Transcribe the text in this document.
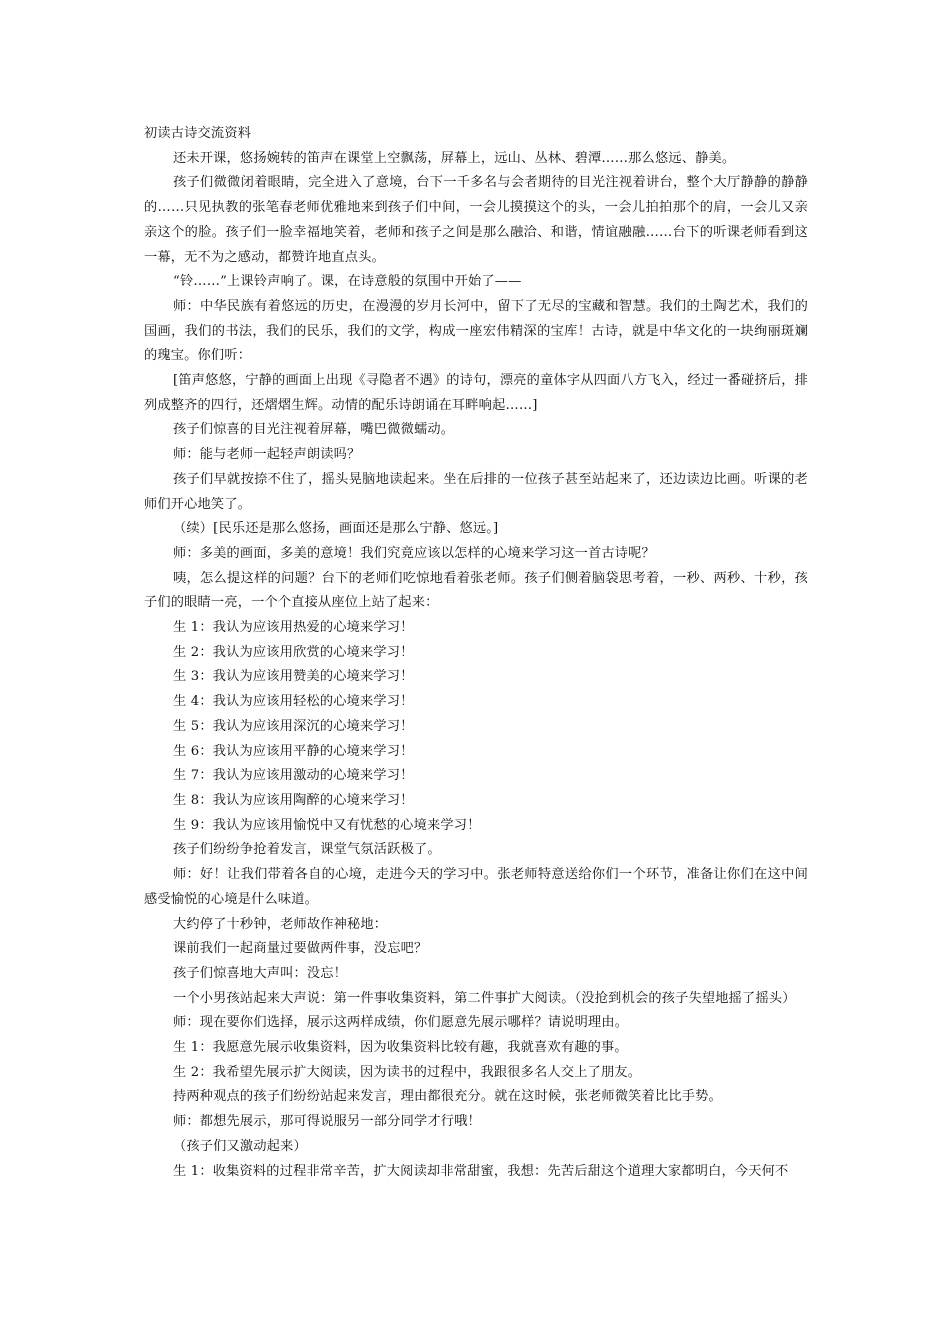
初读古诗交流资料

还未开课，悠扬婉转的笛声在课堂上空飘荡，屏幕上，远山、丛林、碧潭……那么悠远、静美。

孩子们微微闭着眼睛，完全进入了意境，台下一千多名与会者期待的目光注视着讲台，整个大厅静静的静静的……只见执教的张笔春老师优雅地来到孩子们中间，一会儿摸摸这个的头，一会儿拍拍那个的肩，一会儿又亲亲这个的脸。孩子们一脸幸福地笑着，老师和孩子之间是那么融洽、和谐，情谊融融……台下的听课老师看到这一幕，无不为之感动，都赞许地直点头。

“铃……”上课铃声响了。课，在诗意般的氛围中开始了——

师：中华民族有着悠远的历史，在漫漫的岁月长河中，留下了无尽的宝藏和智慧。我们的土陶艺术，我们的国画，我们的书法，我们的民乐，我们的文学，构成一座宏伟精深的宝库！古诗，就是中华文化的一块绚丽斑斓的瑰宝。你们听：

[笛声悠悠，宁静的画面上出现《寻隐者不遇》的诗句，漂亮的童体字从四面八方飞入，经过一番碰挤后，排列成整齐的四行，还熠熠生辉。动情的配乐诗朗诵在耳畔响起……]

孩子们惊喜的目光注视着屏幕，嘴巴微微蠕动。

师：能与老师一起轻声朗读吗？

孩子们早就按捺不住了，摇头晃脑地读起来。坐在后排的一位孩子甚至站起来了，还边读边比画。听课的老师们开心地笑了。

（续）[民乐还是那么悠扬，画面还是那么宁静、悠远。]

师：多美的画面，多美的意境！我们究竟应该以怎样的心境来学习这一首古诗呢？

咦，怎么提这样的问题？台下的老师们吃惊地看着张老师。孩子们侧着脑袋思考着，一秒、两秒、十秒，孩子们的眼睛一亮，一个个直接从座位上站了起来：

生 1：我认为应该用热爱的心境来学习！

生 2：我认为应该用欣赏的心境来学习！

生 3：我认为应该用赞美的心境来学习！

生 4：我认为应该用轻松的心境来学习！

生 5：我认为应该用深沉的心境来学习！

生 6：我认为应该用平静的心境来学习！

生 7：我认为应该用激动的心境来学习！

生 8：我认为应该用陶醉的心境来学习！

生 9：我认为应该用愉悦中又有忧愁的心境来学习！

孩子们纷纷争抢着发言，课堂气氛活跃极了。

师：好！让我们带着各自的心境，走进今天的学习中。张老师特意送给你们一个环节，准备让你们在这中间感受愉悦的心境是什么味道。

大约停了十秒钟，老师故作神秘地：

课前我们一起商量过要做两件事，没忘吧？

孩子们惊喜地大声叫：没忘！

一个小男孩站起来大声说：第一件事收集资料，第二件事扩大阅读。（没抢到机会的孩子失望地摇了摇头）

师：现在要你们选择，展示这两样成绩，你们愿意先展示哪样？请说明理由。

生 1：我愿意先展示收集资料，因为收集资料比较有趣，我就喜欢有趣的事。

生 2：我希望先展示扩大阅读，因为读书的过程中，我跟很多名人交上了朋友。

持两种观点的孩子们纷纷站起来发言，理由都很充分。就在这时候，张老师微笑着比比手势。

师：都想先展示，那可得说服另一部分同学才行哦！

（孩子们又激动起来）

生 1：收集资料的过程非常辛苦，扩大阅读却非常甜蜜，我想：先苦后甜这个道理大家都明白，今天何不
